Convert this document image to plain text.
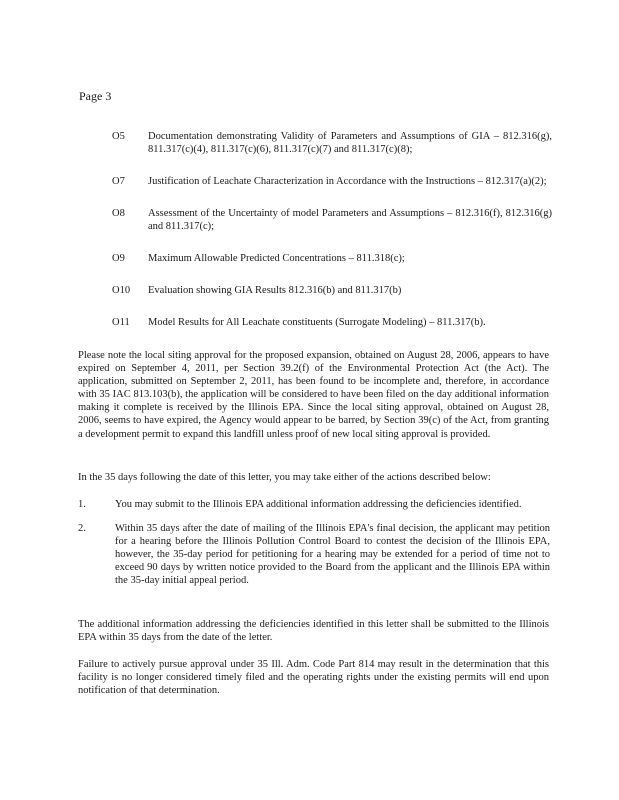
Page 3
O5	Documentation demonstrating Validity of Parameters and Assumptions of GIA – 812.316(g), 811.317(c)(4), 811.317(c)(6), 811.317(c)(7) and 811.317(c)(8);
O7	Justification of Leachate Characterization in Accordance with the Instructions – 812.317(a)(2);
O8	Assessment of the Uncertainty of model Parameters and Assumptions – 812.316(f), 812.316(g) and 811.317(c);
O9	Maximum Allowable Predicted Concentrations – 811.318(c);
O10	Evaluation showing GIA Results 812.316(b) and 811.317(b)
O11	Model Results for All Leachate constituents (Surrogate Modeling) – 811.317(b).
Please note the local siting approval for the proposed expansion, obtained on August 28, 2006, appears to have expired on September 4, 2011, per Section 39.2(f) of the Environmental Protection Act (the Act). The application, submitted on September 2, 2011, has been found to be incomplete and, therefore, in accordance with 35 IAC 813.103(b), the application will be considered to have been filed on the day additional information making it complete is received by the Illinois EPA. Since the local siting approval, obtained on August 28, 2006, seems to have expired, the Agency would appear to be barred, by Section 39(c) of the Act, from granting a development permit to expand this landfill unless proof of new local siting approval is provided.
In the 35 days following the date of this letter, you may take either of the actions described below:
1.	You may submit to the Illinois EPA additional information addressing the deficiencies identified.
2.	Within 35 days after the date of mailing of the Illinois EPA's final decision, the applicant may petition for a hearing before the Illinois Pollution Control Board to contest the decision of the Illinois EPA, however, the 35-day period for petitioning for a hearing may be extended for a period of time not to exceed 90 days by written notice provided to the Board from the applicant and the Illinois EPA within the 35-day initial appeal period.
The additional information addressing the deficiencies identified in this letter shall be submitted to the Illinois EPA within 35 days from the date of the letter.
Failure to actively pursue approval under 35 Ill. Adm. Code Part 814 may result in the determination that this facility is no longer considered timely filed and the operating rights under the existing permits will end upon notification of that determination.
